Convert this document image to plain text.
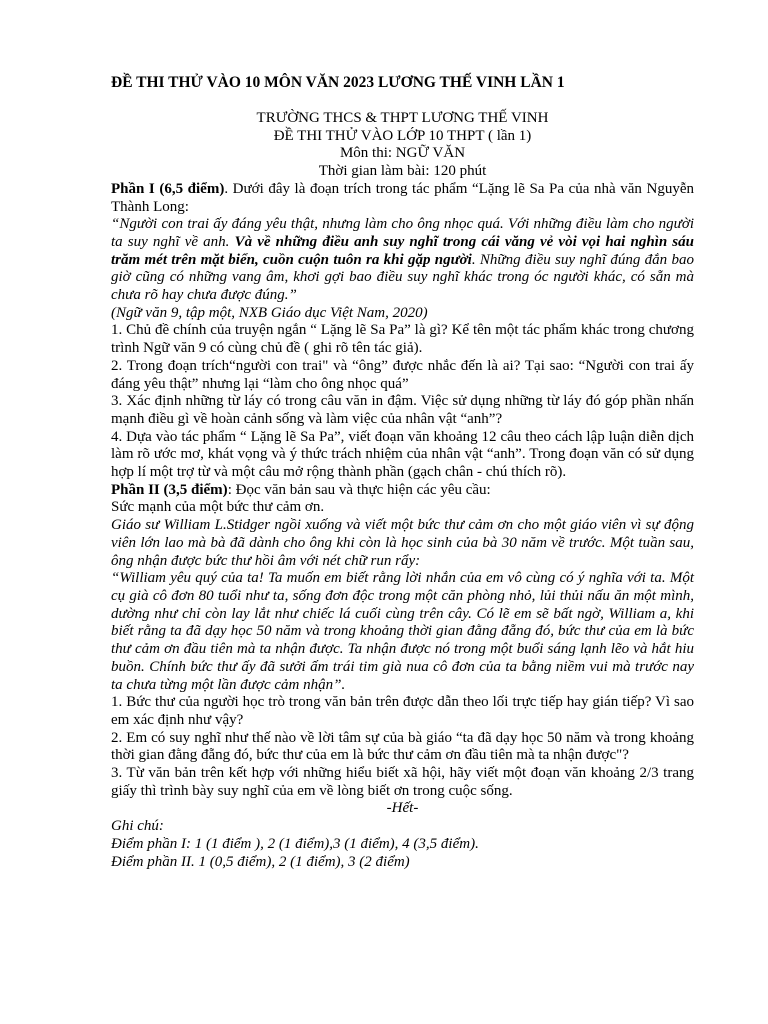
ĐỀ THI THỬ VÀO 10 MÔN VĂN 2023 LƯƠNG THẾ VINH LẦN 1

TRƯỜNG THCS & THPT LƯƠNG THẾ VINH

ĐỀ THI THỬ VÀO LỚP 10 THPT ( lần 1)

Môn thi: NGỮ VĂN

Thời gian làm bài: 120 phút

Phần I (6,5 điểm). Dưới đây là đoạn trích trong tác phẩm “Lặng lẽ Sa Pa của nhà văn Nguyễn Thành Long:

“Người con trai ấy đáng yêu thật, nhưng làm cho ông nhọc quá. Với những điều làm cho người ta suy nghĩ về anh. Và về những điều anh suy nghĩ trong cái văng vẻ vòi vọi hai nghìn sáu trăm mét trên mặt biển, cuồn cuộn tuôn ra khi gặp người. Những điều suy nghĩ đúng đắn bao giờ cũng có những vang âm, khơi gợi bao điều suy nghĩ khác trong óc người khác, có sẵn mà chưa rõ hay chưa được đúng.”

(Ngữ văn 9, tập một, NXB Giáo dục Việt Nam, 2020)

1. Chủ đề chính của truyện ngắn “ Lặng lẽ Sa Pa” là gì? Kể tên một tác phẩm khác trong chương trình Ngữ văn 9 có cùng chủ đề ( ghi rõ tên tác giả).

2. Trong đoạn trích“người con trai" và “ông” được nhắc đến là ai? Tại sao: “Người con trai ấy đáng yêu thật” nhưng lại “làm cho ông nhọc quá”

3. Xác định những từ láy có trong câu văn in đậm. Việc sử dụng những từ láy đó góp phần nhấn mạnh điều gì về hoàn cảnh sống và làm việc của nhân vật “anh”?

4. Dựa vào tác phẩm “ Lặng lẽ Sa Pa”, viết đoạn văn khoảng 12 câu theo cách lập luận diễn dịch làm rõ ước mơ, khát vọng và ý thức trách nhiệm của nhân vật “anh”. Trong đoạn văn có sử dụng hợp lí một trợ từ và một câu mở rộng thành phần (gạch chân - chú thích rõ).

Phần II (3,5 điểm): Đọc văn bản sau và thực hiện các yêu cầu:

Sức mạnh của một bức thư cảm ơn.

Giáo sư William L.Stidger ngồi xuống và viết một bức thư cảm ơn cho một giáo viên vì sự động viên lớn lao mà bà đã dành cho ông khi còn là học sinh của bà 30 năm về trước. Một tuần sau, ông nhận được bức thư hồi âm với nét chữ run rẩy:

“William yêu quý của ta! Ta muốn em biết rằng lời nhắn của em vô cùng có ý nghĩa với ta. Một cụ già cô đơn 80 tuổi như ta, sống đơn độc trong một căn phòng nhỏ, lủi thủi nấu ăn một mình, dường như chỉ còn lay lắt như chiếc lá cuối cùng trên cây. Có lẽ em sẽ bất ngờ, William a, khi biết rằng ta đã dạy học 50 năm và trong khoảng thời gian đằng đẵng đó, bức thư của em là bức thư cảm ơn đầu tiên mà ta nhận được. Ta nhận được nó trong một buổi sáng lạnh lẽo và hắt hiu buồn. Chính bức thư ấy đã sưởi ấm trái tim già nua cô đơn của ta bằng niềm vui mà trước nay ta chưa từng một lần được cảm nhận”.

1. Bức thư của người học trò trong văn bản trên được dẫn theo lối trực tiếp hay gián tiếp? Vì sao em xác định như vậy?

2. Em có suy nghĩ như thế nào về lời tâm sự của bà giáo “ta đã dạy học 50 năm và trong khoảng thời gian đằng đẵng đó, bức thư của em là bức thư cảm ơn đầu tiên mà ta nhận được"?

3. Từ văn bản trên kết hợp với những hiểu biết xã hội, hãy viết một đoạn văn khoảng 2/3 trang giấy thì trình bày suy nghĩ của em về lòng biết ơn trong cuộc sống.

-Hết-

Ghi chú:

Điểm phần I: 1 (1 điểm ), 2 (1 điểm),3 (1 điểm), 4 (3,5 điểm).

Điểm phần II. 1 (0,5 điểm), 2 (1 điểm), 3 (2 điểm)
